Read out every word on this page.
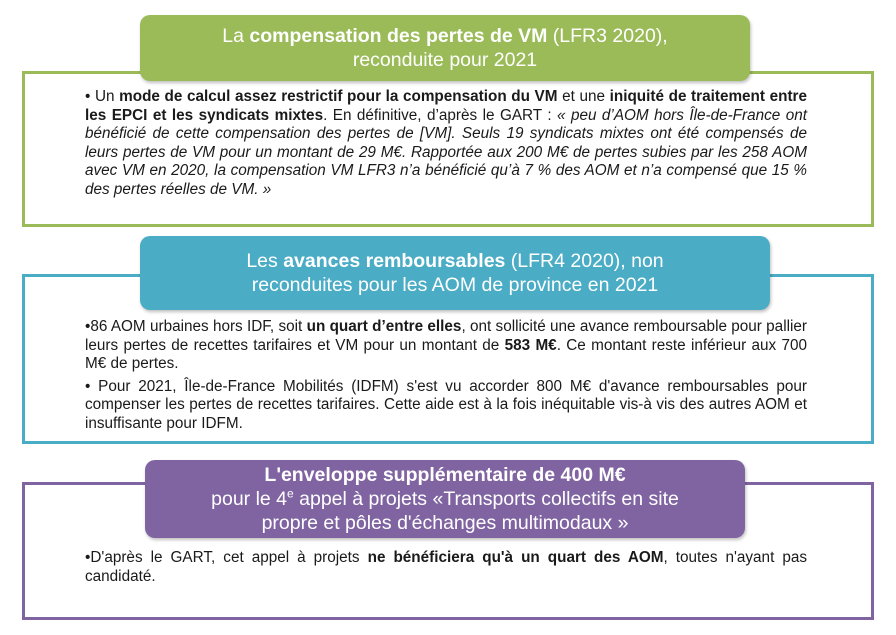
La compensation des pertes de VM (LFR3 2020),
reconduite pour 2021

• Un mode de calcul assez restrictif pour la compensation du VM et une iniquité de traitement entre les EPCI et les syndicats mixtes. En définitive, d’après le GART : « peu d’AOM hors Île-de-France ont bénéficié de cette compensation des pertes de [VM]. Seuls 19 syndicats mixtes ont été compensés de leurs pertes de VM pour un montant de 29 M€. Rapportée aux 200 M€ de pertes subies par les 258 AOM avec VM en 2020, la compensation VM LFR3 n’a bénéficié qu’à 7 % des AOM et n’a compensé que 15 % des pertes réelles de VM. »

Les avances remboursables (LFR4 2020), non
reconduites pour les AOM de province en 2021

•86 AOM urbaines hors IDF, soit un quart d’entre elles, ont sollicité une avance remboursable pour pallier leurs pertes de recettes tarifaires et VM pour un montant de 583 M€. Ce montant reste inférieur aux 700 M€ de pertes.

• Pour 2021, Île-de-France Mobilités (IDFM) s'est vu accorder 800 M€ d'avance remboursables pour compenser les pertes de recettes tarifaires. Cette aide est à la fois inéquitable vis-à vis des autres AOM et insuffisante pour IDFM.

L'enveloppe supplémentaire de 400 M€
pour le 4e appel à projets «Transports collectifs en site
propre et pôles d'échanges multimodaux »

•D'après le GART, cet appel à projets ne bénéficiera qu'à un quart des AOM, toutes n'ayant pas candidaté.
